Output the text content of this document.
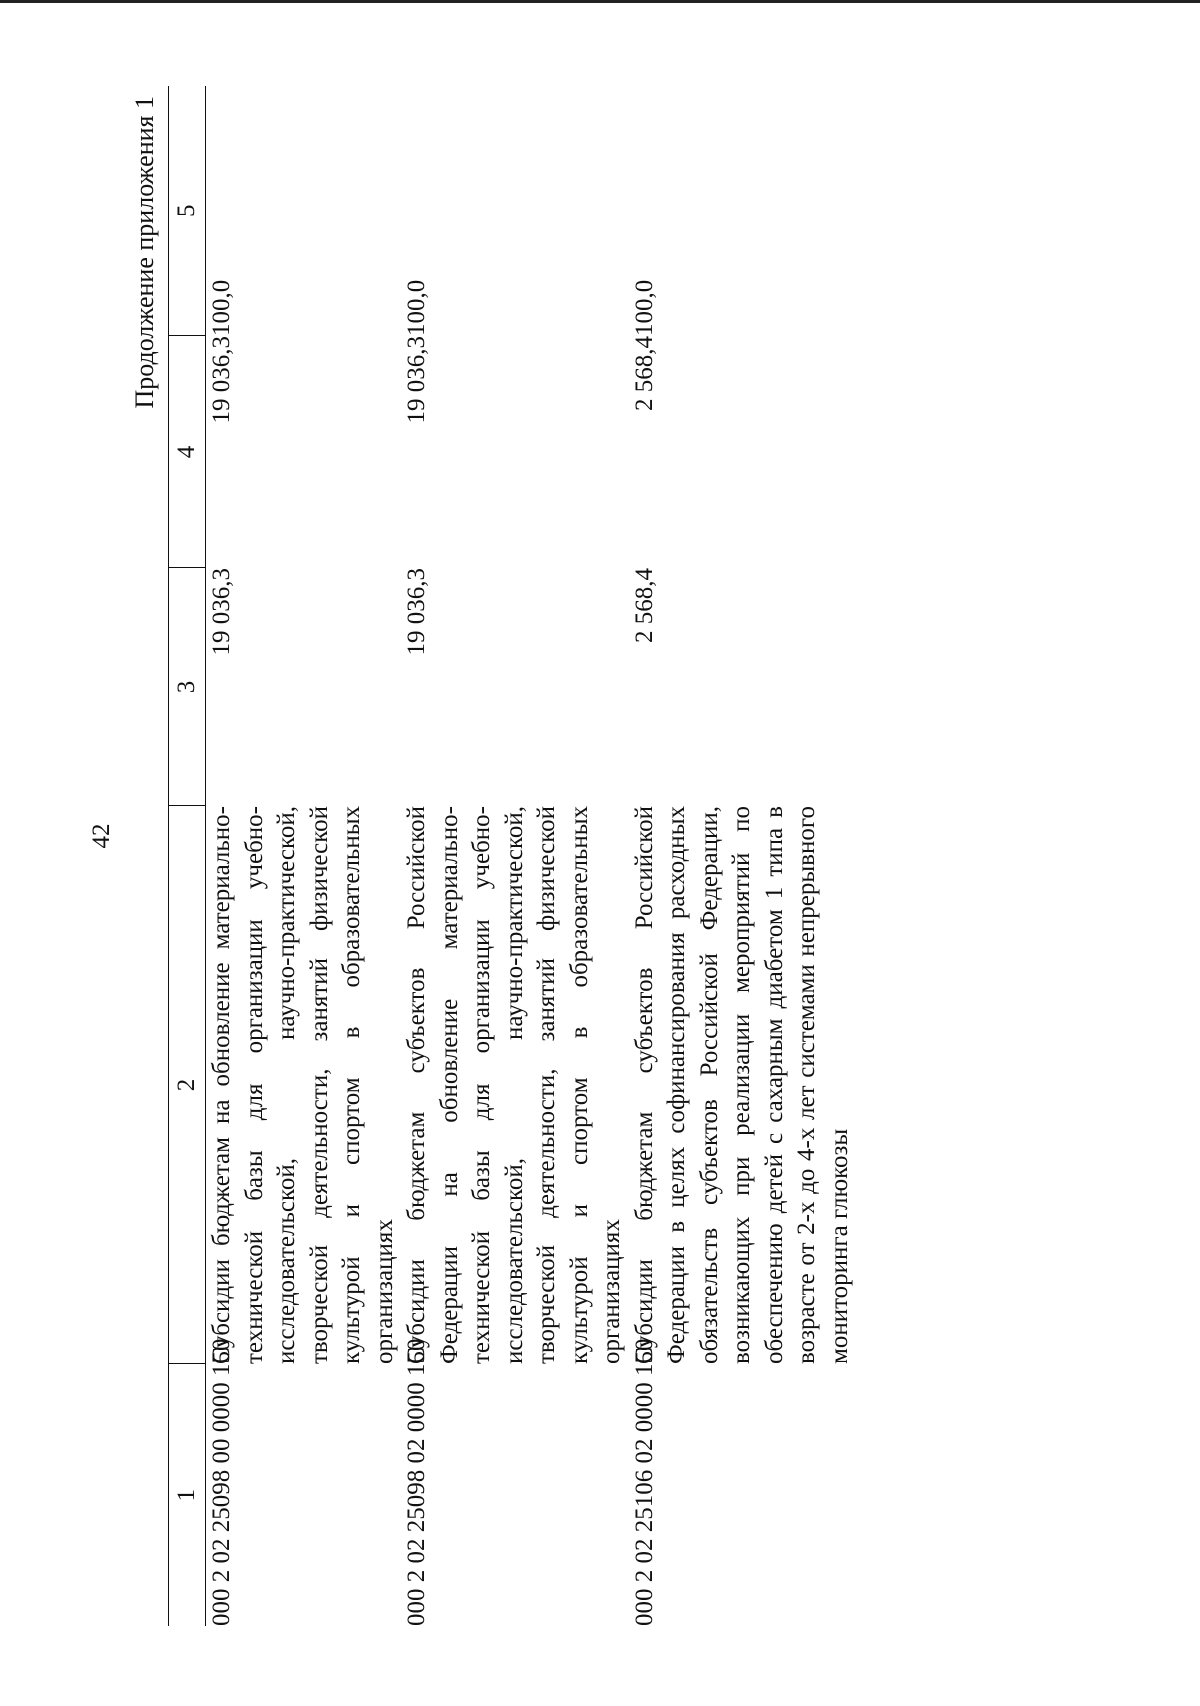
42
Продолжение приложения 1
1	2	3	4	5
000 2 02 25098 00 0000 150	Субсидии бюджетам на обновление материально-технической базы для организации учебно-исследовательской, научно-практической, творческой деятельности, занятий физической культурой и спортом в образовательных организациях	19 036,3	19 036,3	100,0
000 2 02 25098 02 0000 150	Субсидии бюджетам субъектов Российской Федерации на обновление материально-технической базы для организации учебно-исследовательской, научно-практической, творческой деятельности, занятий физической культурой и спортом в образовательных организациях	19 036,3	19 036,3	100,0
000 2 02 25106 02 0000 150	Субсидии бюджетам субъектов Российской Федерации в целях софинансирования расходных обязательств субъектов Российской Федерации, возникающих при реализации мероприятий по обеспечению детей с сахарным диабетом 1 типа в возрасте от 2-х до 4-х лет системами непрерывного мониторинга глюкозы	2 568,4	2 568,4	100,0
